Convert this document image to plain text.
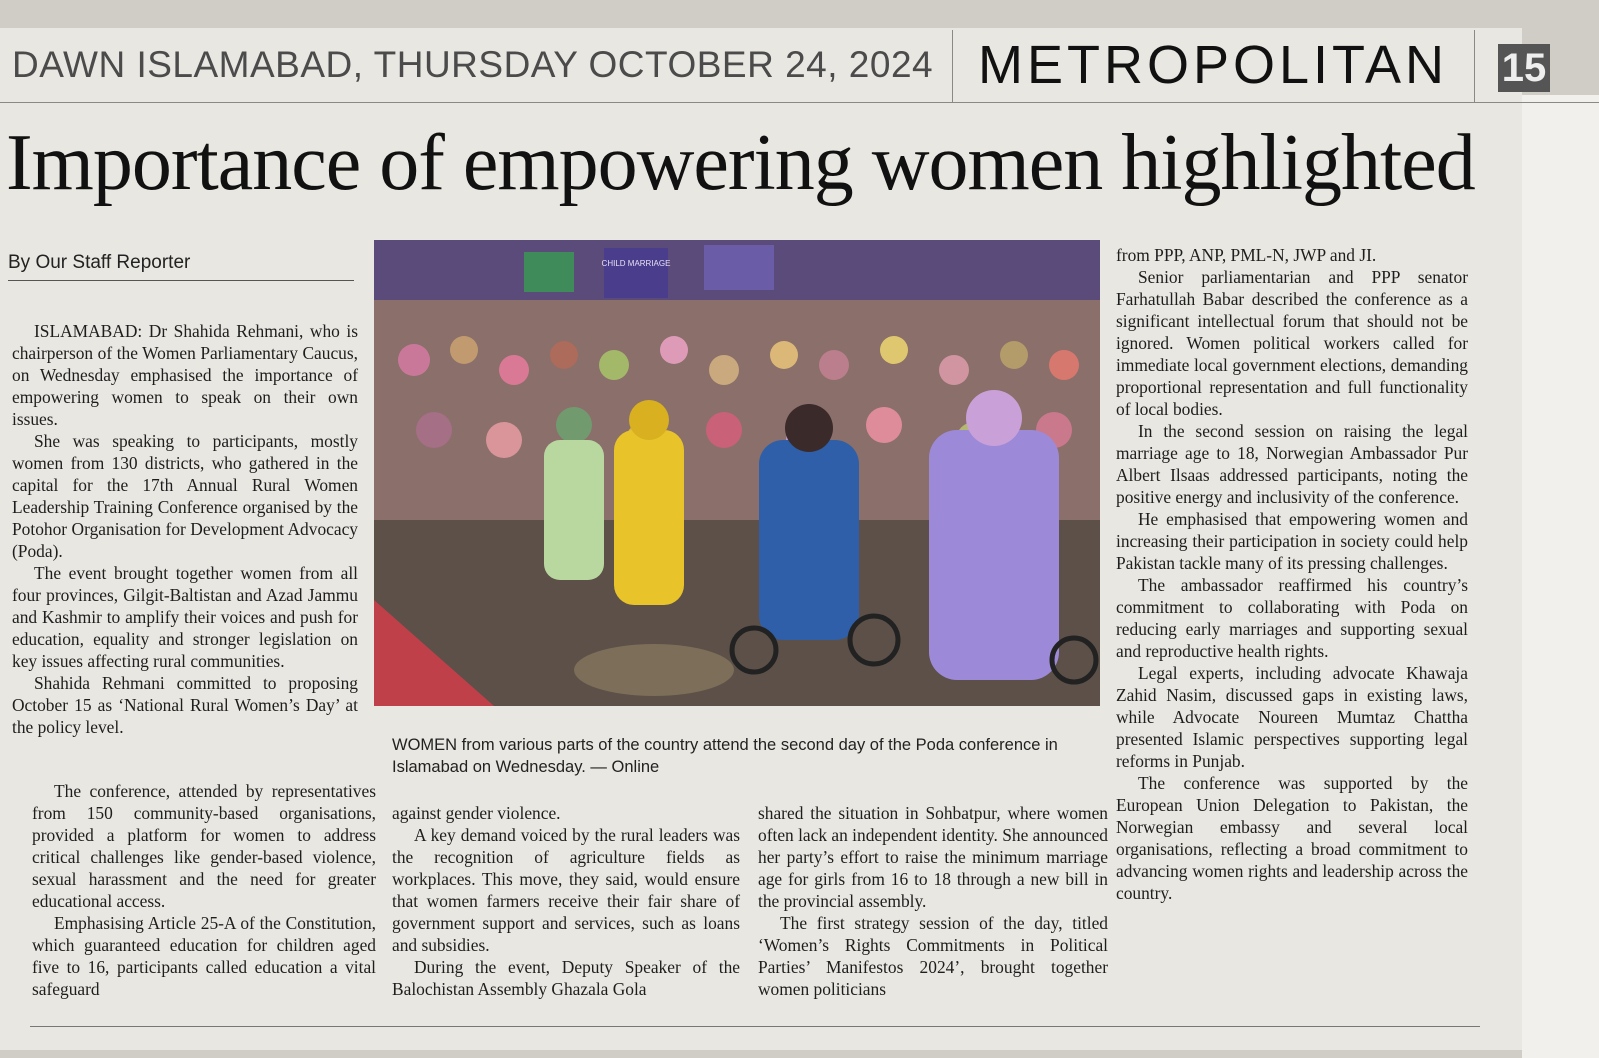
DAWN ISLAMABAD, THURSDAY OCTOBER 24, 2024 METROPOLITAN 15
Importance of empowering women highlighted
By Our Staff Reporter

ISLAMABAD: Dr Shahida Rehmani, who is chairperson of the Women Parliamentary Caucus, on Wednesday emphasised the importance of empowering women to speak on their own issues.

She was speaking to participants, mostly women from 130 districts, who gathered in the capital for the 17th Annual Rural Women Leadership Training Conference organised by the Potohor Organisation for Development Advocacy (Poda).

The event brought together women from all four provinces, Gilgit-Baltistan and Azad Jammu and Kashmir to amplify their voices and push for education, equality and stronger legislation on key issues affecting rural communities.

Shahida Rehmani committed to proposing October 15 as ‘National Rural Women’s Day’ at the policy level.

The conference, attended by representatives from 150 community-based organisations, provided a platform for women to address critical challenges like gender-based violence, sexual harassment and the need for greater educational access.

Emphasising Article 25-A of the Constitution, which guaranteed education for children aged five to 16, participants called education a vital safeguard

CHILD MARRIAGE
WOMEN from various parts of the country attend the second day of the Poda conference in Islamabad on Wednesday. — Online

against gender violence.

A key demand voiced by the rural leaders was the recognition of agriculture fields as workplaces. This move, they said, would ensure that women farmers receive their fair share of government support and services, such as loans and subsidies.

During the event, Deputy Speaker of the Balochistan Assembly Ghazala Gola

shared the situation in Sohbatpur, where women often lack an independent identity. She announced her party’s effort to raise the minimum marriage age for girls from 16 to 18 through a new bill in the provincial assembly.

The first strategy session of the day, titled ‘Women’s Rights Commitments in Political Parties’ Manifestos 2024’, brought together women politicians

from PPP, ANP, PML-N, JWP and JI.

Senior parliamentarian and PPP senator Farhatullah Babar described the conference as a significant intellectual forum that should not be ignored. Women political workers called for immediate local government elections, demanding proportional representation and full functionality of local bodies.

In the second session on raising the legal marriage age to 18, Norwegian Ambassador Pur Albert Ilsaas addressed participants, noting the positive energy and inclusivity of the conference.

He emphasised that empowering women and increasing their participation in society could help Pakistan tackle many of its pressing challenges.

The ambassador reaffirmed his country’s commitment to collaborating with Poda on reducing early marriages and supporting sexual and reproductive health rights.

Legal experts, including advocate Khawaja Zahid Nasim, discussed gaps in existing laws, while Advocate Noureen Mumtaz Chattha presented Islamic perspectives supporting legal reforms in Punjab.

The conference was supported by the European Union Delegation to Pakistan, the Norwegian embassy and several local organisations, reflecting a broad commitment to advancing women rights and leadership across the country.
